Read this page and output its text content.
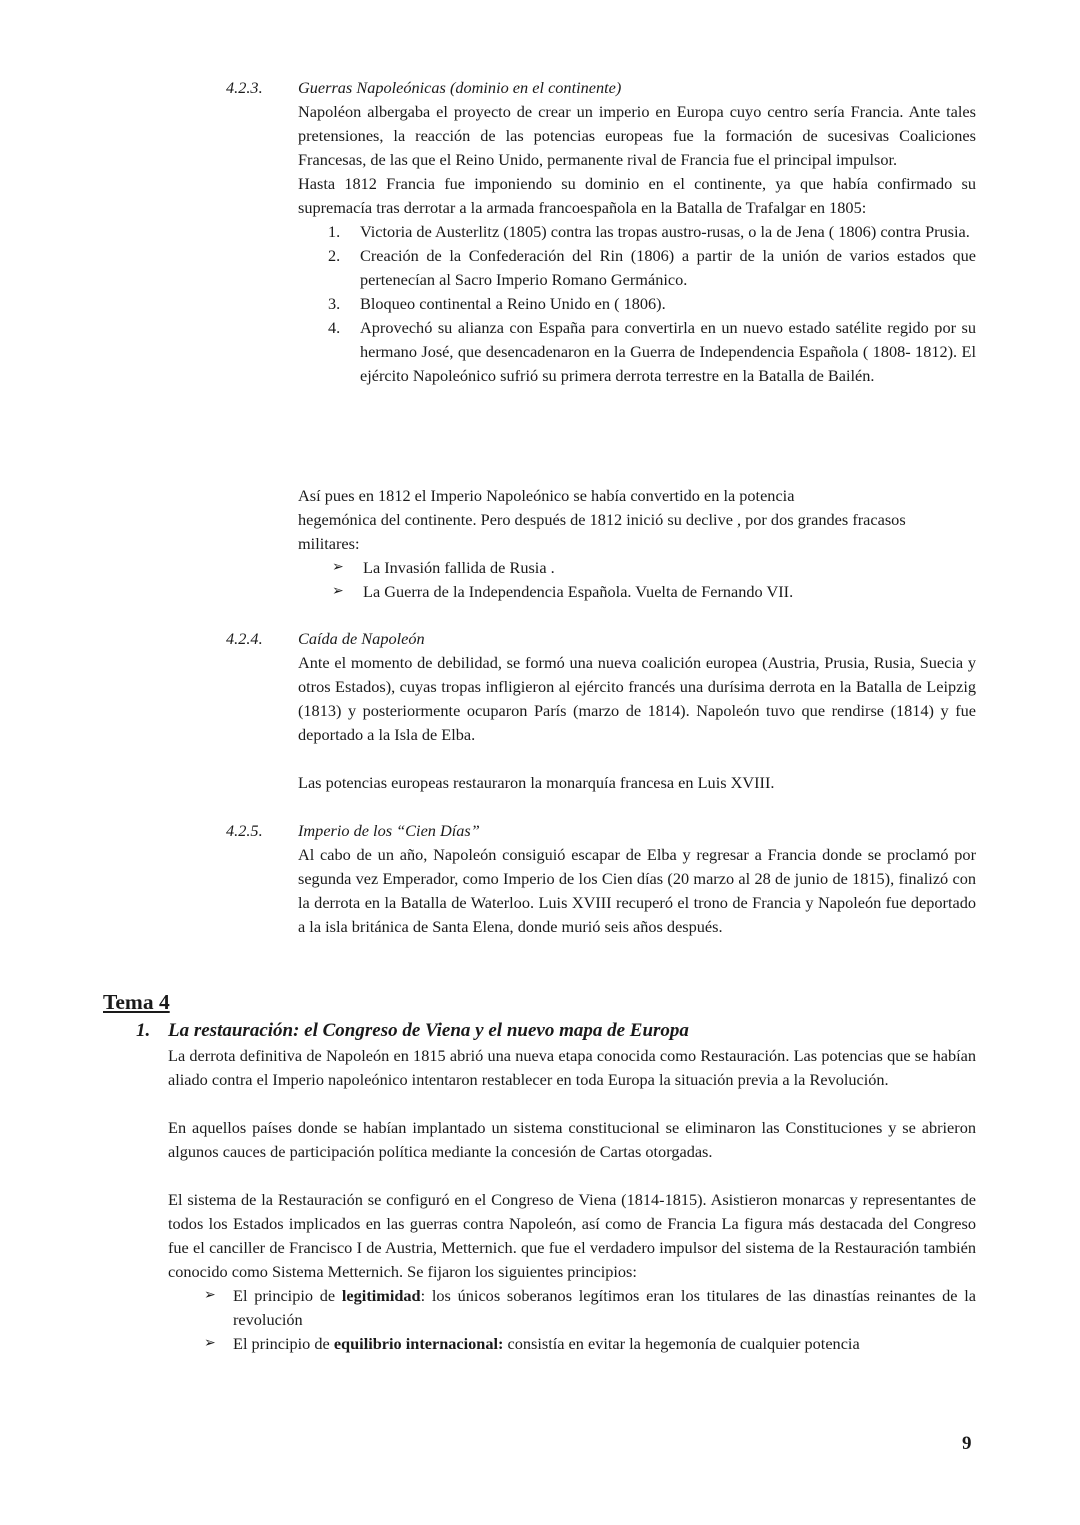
4.2.3. Guerras Napoleónicas (dominio en el continente)

Napoléon albergaba el proyecto de crear un imperio en Europa cuyo centro sería Francia. Ante tales pretensiones, la reacción de las potencias europeas fue la formación de sucesivas Coaliciones Francesas, de las que el Reino Unido, permanente rival de Francia fue el principal impulsor.

Hasta 1812 Francia fue imponiendo su dominio en el continente, ya que había confirmado su supremacía tras derrotar a la armada francoespañola en la Batalla de Trafalgar en 1805:

1. Victoria de Austerlitz (1805) contra las tropas austro-rusas, o la de Jena ( 1806) contra Prusia.
2. Creación de la Confederación del Rin (1806) a partir de la unión de varios estados que pertenecían al Sacro Imperio Romano Germánico.
3. Bloqueo continental a Reino Unido en ( 1806).
4. Aprovechó su alianza con España para convertirla en un nuevo estado satélite regido por su hermano José, que desencadenaron en la Guerra de Independencia Española ( 1808- 1812). El ejército Napoleónico sufrió su primera derrota terrestre en la Batalla de Bailén.
Así pues en 1812 el Imperio Napoleónico se había convertido en la potencia
hegemónica del continente. Pero después de 1812 inició su declive , por dos grandes fracasos
militares:
➢ La Invasión fallida de Rusia .
➢ La Guerra de la Independencia Española. Vuelta de Fernando VII.
4.2.4. Caída de Napoleón

Ante el momento de debilidad, se formó una nueva coalición europea (Austria, Prusia, Rusia, Suecia y otros Estados), cuyas tropas infligieron al ejército francés una durísima derrota en la Batalla de Leipzig (1813) y posteriormente ocuparon París (marzo de 1814). Napoleón tuvo que rendirse (1814) y fue deportado a la Isla de Elba.

Las potencias europeas restauraron la monarquía francesa en Luis XVIII.

4.2.5. Imperio de los “Cien Días”

Al cabo de un año, Napoleón consiguió escapar de Elba y regresar a Francia donde se proclamó por segunda vez Emperador, como Imperio de los Cien días (20 marzo al 28 de junio de 1815), finalizó con la derrota en la Batalla de Waterloo. Luis XVIII recuperó el trono de Francia y Napoleón fue deportado a la isla británica de Santa Elena, donde murió seis años después.

Tema 4
1. La restauración: el Congreso de Viena y el nuevo mapa de Europa

La derrota definitiva de Napoleón en 1815 abrió una nueva etapa conocida como Restauración. Las potencias que se habían aliado contra el Imperio napoleónico intentaron restablecer en toda Europa la situación previa a la Revolución.

En aquellos países donde se habían implantado un sistema constitucional se eliminaron las Constituciones y se abrieron algunos cauces de participación política mediante la concesión de Cartas otorgadas.

El sistema de la Restauración se configuró en el Congreso de Viena (1814-1815). Asistieron monarcas y representantes de todos los Estados implicados en las guerras contra Napoleón, así como de Francia La figura más destacada del Congreso fue el canciller de Francisco I de Austria, Metternich. que fue el verdadero impulsor del sistema de la Restauración también conocido como Sistema Metternich. Se fijaron los siguientes principios:

➢ El principio de legitimidad: los únicos soberanos legítimos eran los titulares de las dinastías reinantes de la revolución
➢ El principio de equilibrio internacional: consistía en evitar la hegemonía de cualquier potencia
9
